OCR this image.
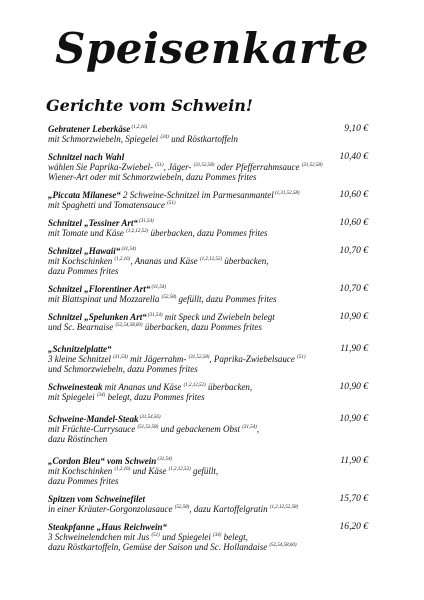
Speisenkarte
Gerichte vom Schwein!
Gebratener Leberkäse $^{(1,2,16)}$
mit Schmorzwiebeln, Spiegelei $^{(34)}$ und Röstkartoffeln
9,10 €
Schnitzel nach Wahl
wählen Sie Paprika-Zwiebel- $^{(51)}$, Jäger- $^{(31,52,58)}$ oder Pfefferrahmsauce $^{(31,52,58)}$
Wiener-Art oder mit Schmorzwiebeln, dazu Pommes frites
10,40 €
„Piccata Milanese“ 2 Schweine-Schnitzel im Parmesanmantel $^{(1,31,52,58)}$
mit Spaghetti und Tomatensauce $^{(51)}$
10,60 €
Schnitzel „Tessiner Art“ $^{(31,54)}$
mit Tomate und Käse $^{(1,2,12,52)}$ überbacken, dazu Pommes frites
10,60 €
Schnitzel „Hawaii“ $^{(31,54)}$
mit Kochschinken $^{(1,2,16)}$, Ananas und Käse $^{(1,2,12,52)}$ überbacken,
dazu Pommes frites
10,70 €
Schnitzel „Florentiner Art“ $^{(31,54)}$
mit Blattspinat und Mozzarella $^{(52,58)}$ gefüllt, dazu Pommes frites
10,70 €
Schnitzel „Spelunken Art“ $^{(31,54)}$ mit Speck und Zwiebeln belegt
und Sc. Bearnaise $^{(52,54,58,60)}$ überbacken, dazu Pommes frites
10,90 €
„Schnitzelplatte“
3 kleine Schnitzel $^{(31,54)}$ mit Jägerrahm- $^{(31,52,58)}$, Paprika-Zwiebelsauce $^{(51)}$
und Schmorzwiebeln, dazu Pommes frites
11,90 €
Schweinesteak mit Ananas und Käse $^{(1,2,12,52)}$ überbacken,
mit Spiegelei $^{(34)}$ belegt, dazu Pommes frites
10,90 €
Schweine-Mandel-Steak $^{(31,54,56)}$
mit Früchte-Currysauce $^{(51,52,58)}$ und gebackenem Obst $^{(31,54)}$,
dazu Röstinchen
10,90 €
„Cordon Bleu“ vom Schwein $^{(31,54)}$
mit Kochschinken $^{(1,2,16)}$ und Käse $^{(1,2,12,52)}$ gefüllt,
dazu Pommes frites
11,90 €
Spitzen vom Schweinefilet
in einer Kräuter-Gorgonzolasauce $^{(52,58)}$, dazu Kartoffelgratin $^{(1,2,12,52,58)}$
15,70 €
Steakpfanne „Haus Reichwein“
3 Schweinelendchen mit Jus $^{(51)}$ und Spiegelei $^{(34)}$ belegt,
dazu Röstkartoffeln, Gemüse der Saison und Sc. Hollandaise $^{(52,54,58,60)}$
16,20 €
